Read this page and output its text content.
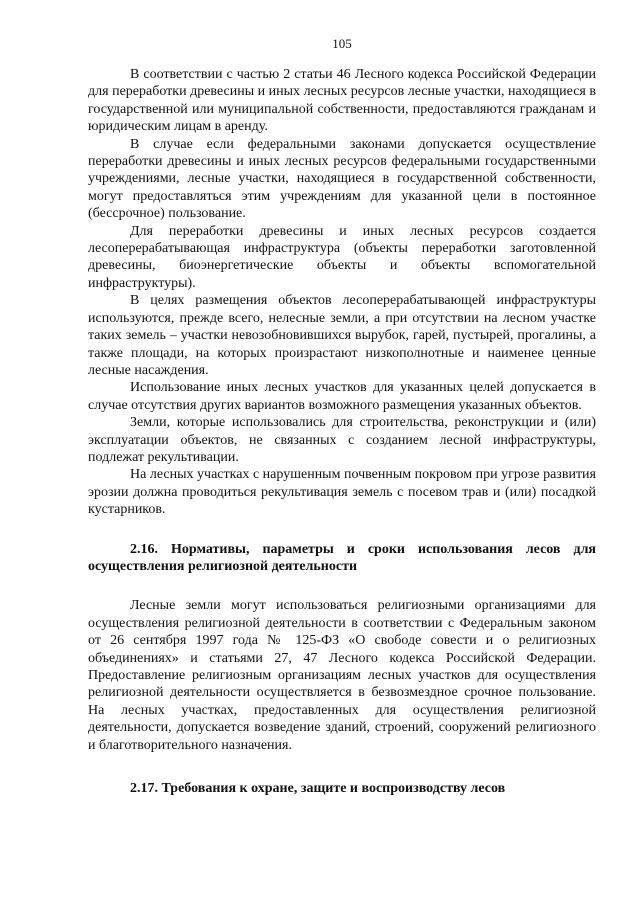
105

В соответствии с частью 2 статьи 46 Лесного кодекса Российской Федерации для переработки древесины и иных лесных ресурсов лесные участки, находящиеся в государственной или муниципальной собственности, предоставляются гражданам и юридическим лицам в аренду.

В случае если федеральными законами допускается осуществление переработки древесины и иных лесных ресурсов федеральными государственными учреждениями, лесные участки, находящиеся в государственной собственности, могут предоставляться этим учреждениям для указанной цели в постоянное (бессрочное) пользование.

Для переработки древесины и иных лесных ресурсов создается лесоперерабатывающая инфраструктура (объекты переработки заготовленной древесины, биоэнергетические объекты и объекты вспомогательной инфраструктуры).

В целях размещения объектов лесоперерабатывающей инфраструктуры используются, прежде всего, нелесные земли, а при отсутствии на лесном участке таких земель – участки невозобновившихся вырубок, гарей, пустырей, прогалины, а также площади, на которых произрастают низкополнотные и наименее ценные лесные насаждения.

Использование иных лесных участков для указанных целей допускается в случае отсутствия других вариантов возможного размещения указанных объектов.

Земли, которые использовались для строительства, реконструкции и (или) эксплуатации объектов, не связанных с созданием лесной инфраструктуры, подлежат рекультивации.

На лесных участках с нарушенным почвенным покровом при угрозе развития эрозии должна проводиться рекультивация земель с посевом трав и (или) посадкой кустарников.

2.16. Нормативы, параметры и сроки использования лесов для осуществления религиозной деятельности

Лесные земли могут использоваться религиозными организациями для осуществления религиозной деятельности в соответствии с Федеральным законом от 26 сентября 1997 года № 125-ФЗ «О свободе совести и о религиозных объединениях» и статьями 27, 47 Лесного кодекса Российской Федерации. Предоставление религиозным организациям лесных участков для осуществления религиозной деятельности осуществляется в безвозмездное срочное пользование. На лесных участках, предоставленных для осуществления религиозной деятельности, допускается возведение зданий, строений, сооружений религиозного и благотворительного назначения.

2.17. Требования к охране, защите и воспроизводству лесов
